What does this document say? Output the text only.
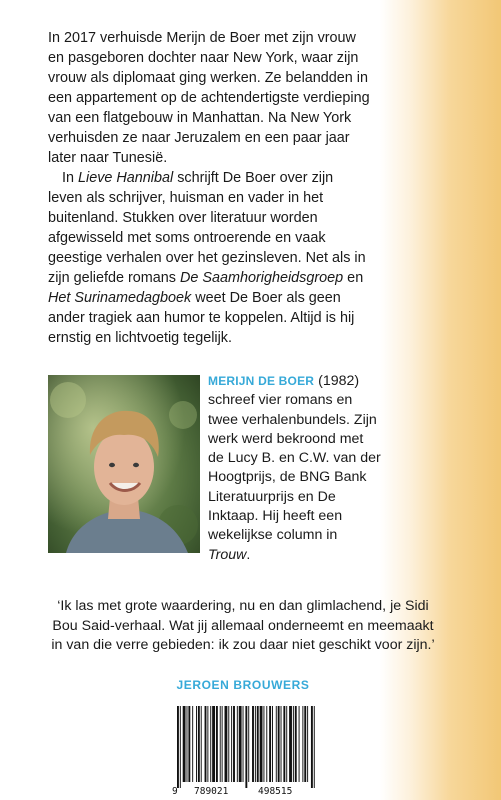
In 2017 verhuisde Merijn de Boer met zijn vrouw en pasgeboren dochter naar New York, waar zijn vrouw als diplomaat ging werken. Ze belandden in een appartement op de achtendertigste verdieping van een flatgebouw in Manhattan. Na New York verhuisden ze naar Jeruzalem en een paar jaar later naar Tunesië.

In Lieve Hannibal schrijft De Boer over zijn leven als schrijver, huisman en vader in het buitenland. Stukken over literatuur worden afgewisseld met soms ontroerende en vaak geestige verhalen over het gezinsleven. Net als in zijn geliefde romans De Saamhorigheidsgroep en Het Surinamedagboek weet De Boer als geen ander tragiek aan humor te koppelen. Altijd is hij ernstig en lichtvoetig tegelijk.

MERIJN DE BOER (1982) schreef vier romans en twee verhalenbundels. Zijn werk werd bekroond met de Lucy B. en C.W. van der Hoogtprijs, de BNG Bank Literatuurprijs en De Inktaap. Hij heeft een wekelijkse column in Trouw.

‘Ik las met grote waardering, nu en dan glimlachend, je Sidi Bou Said-verhaal. Wat jij allemaal onderneemt en meemaakt in van die verre gebieden: ik zou daar niet geschikt voor zijn.’

JEROEN BROUWERS
9 789021	498515
